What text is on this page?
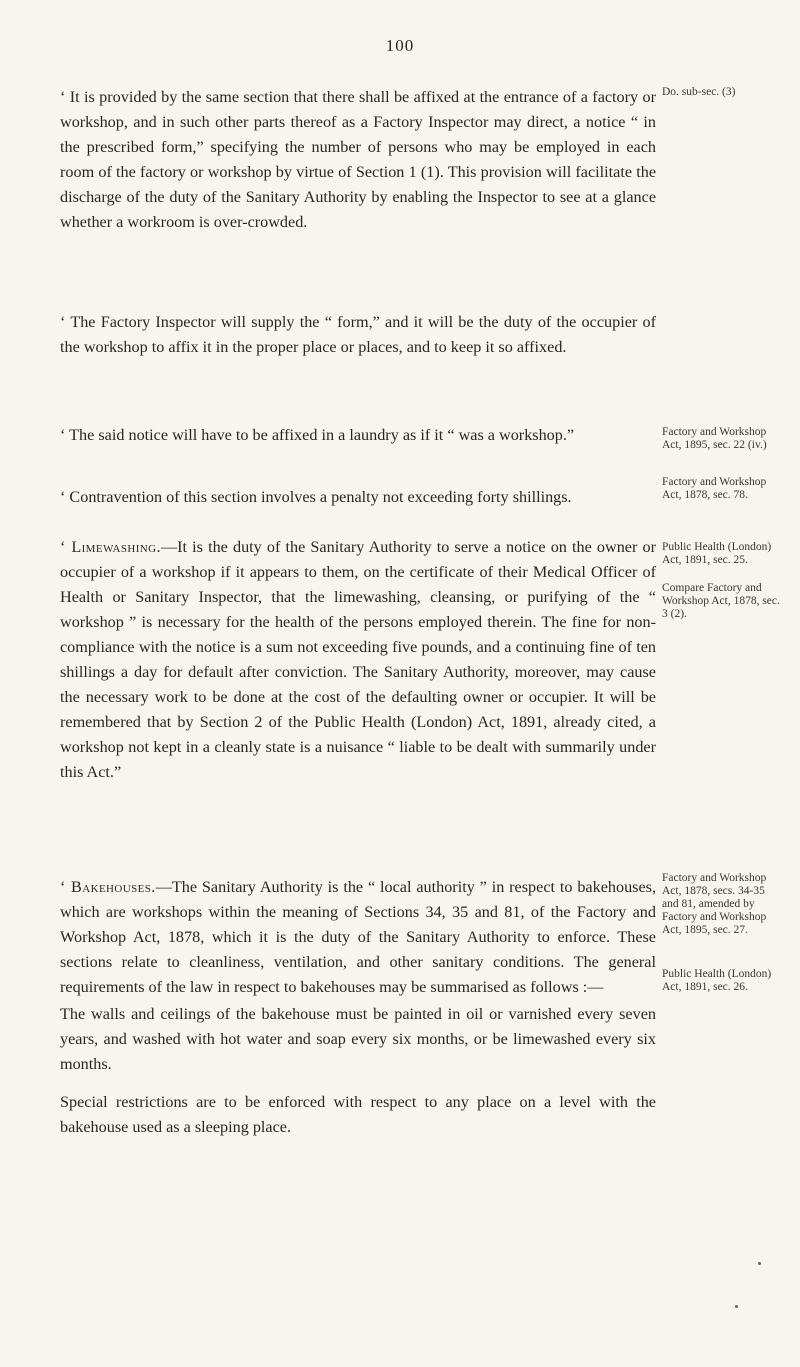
100

‘ It is provided by the same section that there shall be affixed at the entrance of a factory or workshop, and in such other parts thereof as a Factory Inspector may direct, a notice “ in the prescribed form,” specifying the number of persons who may be employed in each room of the factory or workshop by virtue of Section 1 (1). This provision will facilitate the discharge of the duty of the Sanitary Authority by enabling the Inspector to see at a glance whether a workroom is over-crowded.

‘ The Factory Inspector will supply the “ form,” and it will be the duty of the occupier of the workshop to affix it in the proper place or places, and to keep it so affixed.

‘ The said notice will have to be affixed in a laundry as if it “ was a workshop.”

‘ Contravention of this section involves a penalty not exceeding forty shillings.

‘ Limewashing.—It is the duty of the Sanitary Authority to serve a notice on the owner or occupier of a workshop if it appears to them, on the certificate of their Medical Officer of Health or Sanitary Inspector, that the limewashing, cleansing, or purifying of the “ workshop ” is necessary for the health of the persons employed therein. The fine for non-compliance with the notice is a sum not exceeding five pounds, and a continuing fine of ten shillings a day for default after conviction. The Sanitary Authority, moreover, may cause the necessary work to be done at the cost of the defaulting owner or occupier. It will be remembered that by Section 2 of the Public Health (London) Act, 1891, already cited, a workshop not kept in a cleanly state is a nuisance “ liable to be dealt with summarily under this Act.”

‘ Bakehouses.—The Sanitary Authority is the “ local authority ” in respect to bakehouses, which are workshops within the meaning of Sections 34, 35 and 81, of the Factory and Workshop Act, 1878, which it is the duty of the Sanitary Authority to enforce. These sections relate to cleanliness, ventilation, and other sanitary conditions. The general requirements of the law in respect to bakehouses may be summarised as follows :—

The walls and ceilings of the bakehouse must be painted in oil or varnished every seven years, and washed with hot water and soap every six months, or be limewashed every six months.

Special restrictions are to be enforced with respect to any place on a level with the bakehouse used as a sleeping place.

Do. sub-sec. (3)
Factory and Workshop Act, 1895, sec. 22 (iv.)
Factory and Workshop Act, 1878, sec. 78.
Public Health (London) Act, 1891, sec. 25.
Compare Factory and Workshop Act, 1878, sec. 3 (2).
Factory and Workshop Act, 1878, secs. 34-35 and 81, amended by Factory and Workshop Act, 1895, sec. 27.
Public Health (London) Act, 1891, sec. 26.
